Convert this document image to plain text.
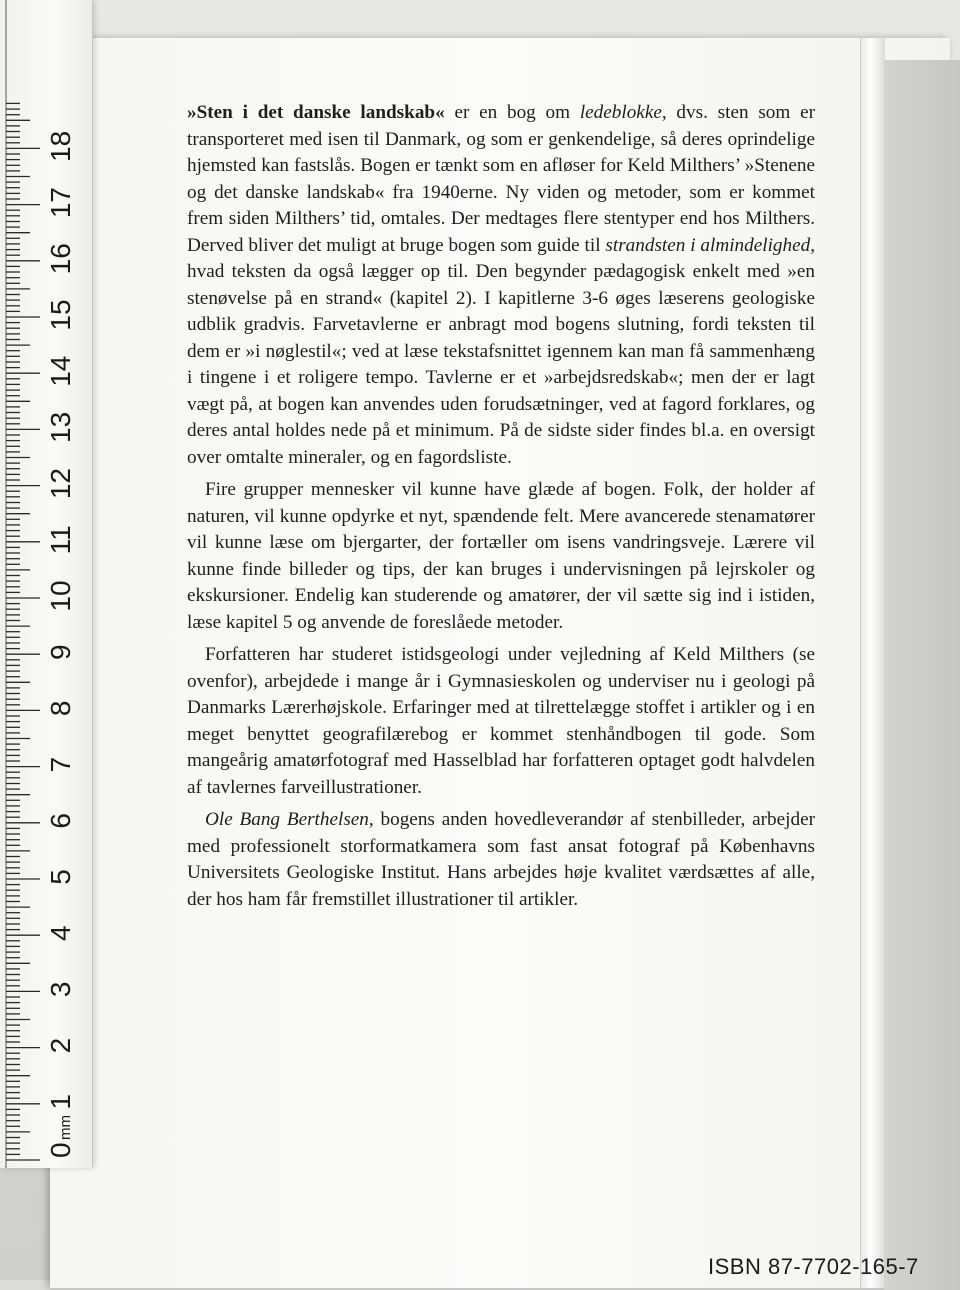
»Sten i det danske landskab« er en bog om ledeblokke, dvs. sten som er transporteret med isen til Danmark, og som er genkendelige, så deres oprindelige hjemsted kan fastslås. Bogen er tænkt som en afløser for Keld Milthers’ »Stenene og det danske landskab« fra 1940erne. Ny viden og metoder, som er kommet frem siden Milthers’ tid, omtales. Der medtages flere stentyper end hos Milthers. Derved bliver det muligt at bruge bogen som guide til strandsten i almindelighed, hvad teksten da også lægger op til. Den begynder pædagogisk enkelt med »en stenøvelse på en strand« (kapitel 2). I kapitlerne 3-6 øges læserens geologiske udblik gradvis. Farvetavlerne er anbragt mod bogens slutning, fordi teksten til dem er »i nøglestil«; ved at læse tekstafsnittet igennem kan man få sammenhæng i tingene i et roligere tempo. Tavlerne er et »arbejdsredskab«; men der er lagt vægt på, at bogen kan anvendes uden forudsætninger, ved at fagord forklares, og deres antal holdes nede på et minimum. På de sidste sider findes bl.a. en oversigt over omtalte mineraler, og en fagordsliste.

Fire grupper mennesker vil kunne have glæde af bogen. Folk, der holder af naturen, vil kunne opdyrke et nyt, spændende felt. Mere avancerede stenamatører vil kunne læse om bjergarter, der fortæller om isens vandringsveje. Lærere vil kunne finde billeder og tips, der kan bruges i undervisningen på lejrskoler og ekskursioner. Endelig kan studerende og amatører, der vil sætte sig ind i istiden, læse kapitel 5 og anvende de foreslåede metoder.

Forfatteren har studeret istidsgeologi under vejledning af Keld Milthers (se ovenfor), arbejdede i mange år i Gymnasieskolen og underviser nu i geologi på Danmarks Lærerhøjskole. Erfaringer med at tilrettelægge stoffet i artikler og i en meget benyttet geografilærebog er kommet stenhåndbogen til gode. Som mangeårig amatørfotograf med Hasselblad har forfatteren optaget godt halvdelen af tavlernes farveillustrationer.

Ole Bang Berthelsen, bogens anden hovedleverandør af stenbilleder, arbejder med professionelt storformatkamera som fast ansat fotograf på Københavns Universitets Geologiske Institut. Hans arbejdes høje kvalitet værdsættes af alle, der hos ham får fremstillet illustrationer til artikler.

ISBN 87-7702-165-7
0
1
2
3
4
5
6
7
8
9
10
11
12
13
14
15
16
17
18
mm
